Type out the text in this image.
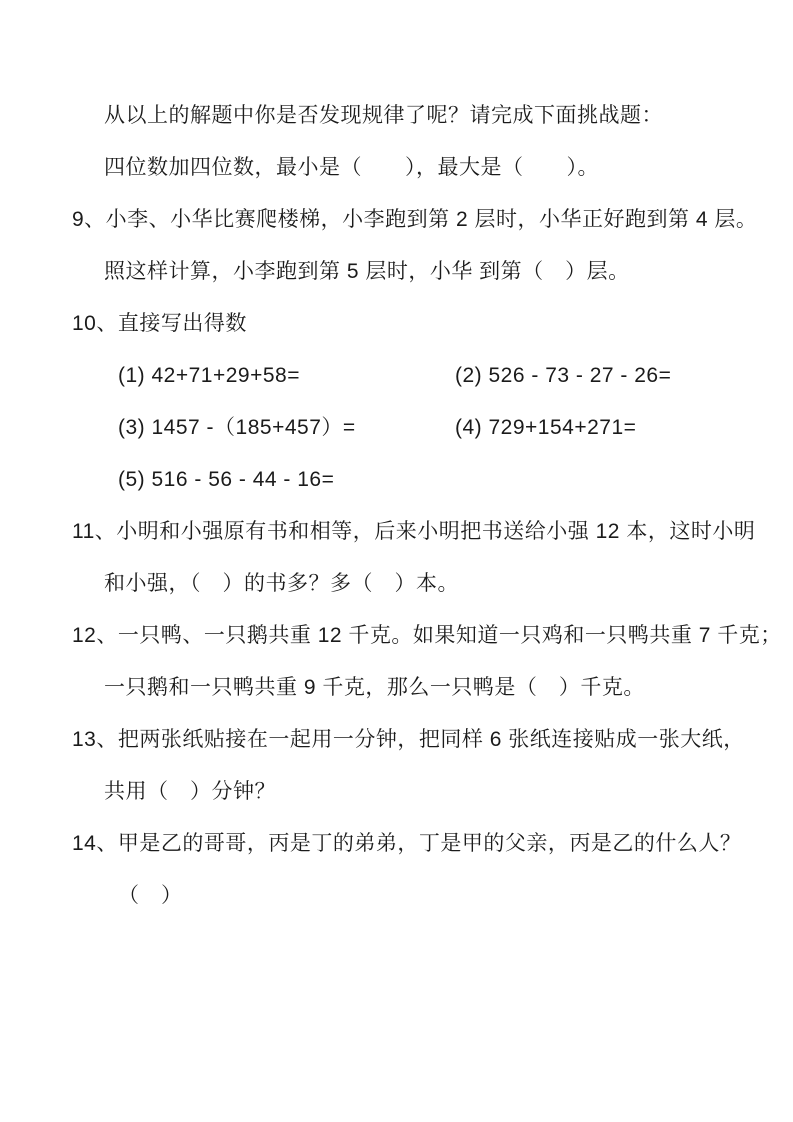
从以上的解题中你是否发现规律了呢？请完成下面挑战题：
四位数加四位数，最小是（　　），最大是（　　）。
9、小李、小华比赛爬楼梯，小李跑到第 2 层时，小华正好跑到第 4 层。
照这样计算，小李跑到第 5 层时，小华 到第（　）层。
10、直接写出得数
(1) 42+71+29+58=	(2) 526 - 73 - 27 - 26=
(3) 1457 -（185+457）=	(4) 729+154+271=
(5) 516 - 56 - 44 - 16=
11、小明和小强原有书和相等，后来小明把书送给小强 12 本，这时小明
和小强，（　）的书多？多（　）本。
12、一只鸭、一只鹅共重 12 千克。如果知道一只鸡和一只鸭共重 7 千克；
一只鹅和一只鸭共重 9 千克，那么一只鸭是（　）千克。
13、把两张纸贴接在一起用一分钟，把同样 6 张纸连接贴成一张大纸，
共用（　）分钟？
14、甲是乙的哥哥，丙是丁的弟弟，丁是甲的父亲，丙是乙的什么人？
（　）
